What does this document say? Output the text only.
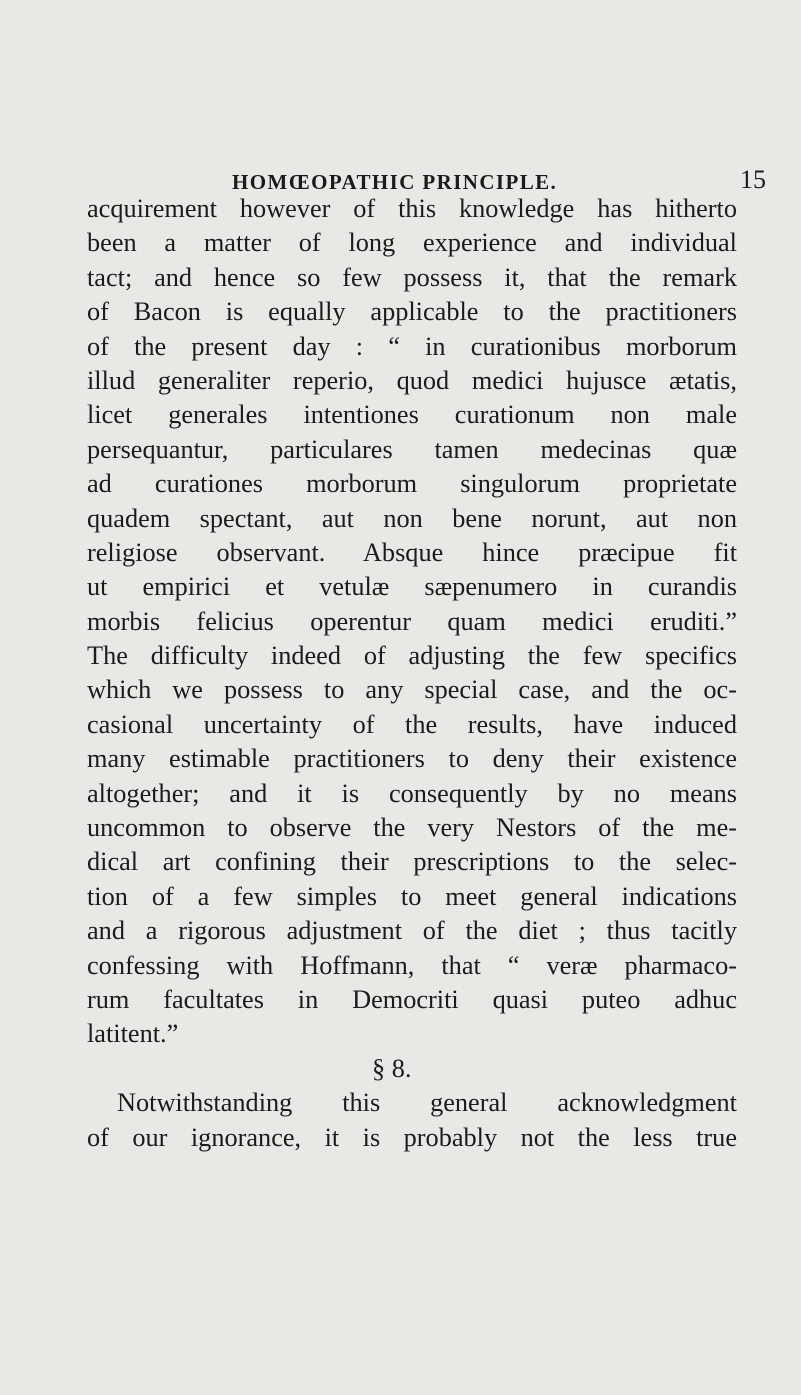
HOMŒOPATHIC PRINCIPLE.	15
acquirement however of this knowledge has hitherto
been a matter of long experience and individual
tact; and hence so few possess it, that the remark
of Bacon is equally applicable to the practitioners
of the present day : “ in curationibus morborum
illud generaliter reperio, quod medici hujusce ætatis,
licet generales intentiones curationum non male
persequantur, particulares tamen medecinas quæ
ad curationes morborum singulorum proprietate
quadem spectant, aut non bene norunt, aut non
religiose observant. Absque hince præcipue fit
ut empirici et vetulæ sæpenumero in curandis
morbis felicius operentur quam medici eruditi.”
The difficulty indeed of adjusting the few specifics
which we possess to any special case, and the oc-
casional uncertainty of the results, have induced
many estimable practitioners to deny their existence
altogether; and it is consequently by no means
uncommon to observe the very Nestors of the me-
dical art confining their prescriptions to the selec-
tion of a few simples to meet general indications
and a rigorous adjustment of the diet ; thus tacitly
confessing with Hoffmann, that “ veræ pharmaco-
rum facultates in Democriti quasi puteo adhuc
latitent.”
§ 8.
Notwithstanding this general acknowledgment
of our ignorance, it is probably not the less true
